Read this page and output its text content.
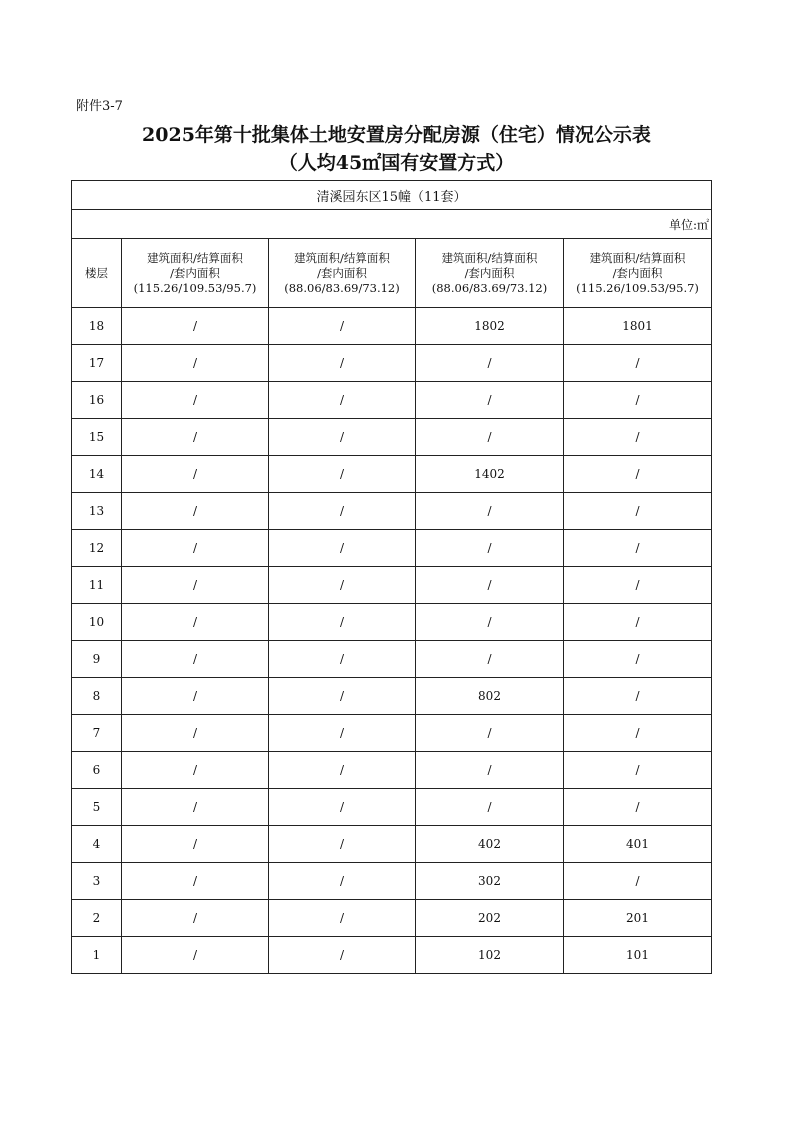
附件3-7
2025年第十批集体土地安置房分配房源（住宅）情况公示表
（人均45㎡国有安置方式）
清溪园东区15幢（11套）				
单位:㎡				
楼层	建筑面积/结算面积
/套内面积
(115.26/109.53/95.7)	建筑面积/结算面积
/套内面积
(88.06/83.69/73.12)	建筑面积/结算面积
/套内面积
(88.06/83.69/73.12)	建筑面积/结算面积
/套内面积
(115.26/109.53/95.7)

18	/	/	1802	1801
17	/	/	/	/
16	/	/	/	/
15	/	/	/	/
14	/	/	1402	/
13	/	/	/	/
12	/	/	/	/
11	/	/	/	/
10	/	/	/	/
9	/	/	/	/
8	/	/	802	/
7	/	/	/	/
6	/	/	/	/
5	/	/	/	/
4	/	/	402	401
3	/	/	302	/
2	/	/	202	201
1	/	/	102	101
